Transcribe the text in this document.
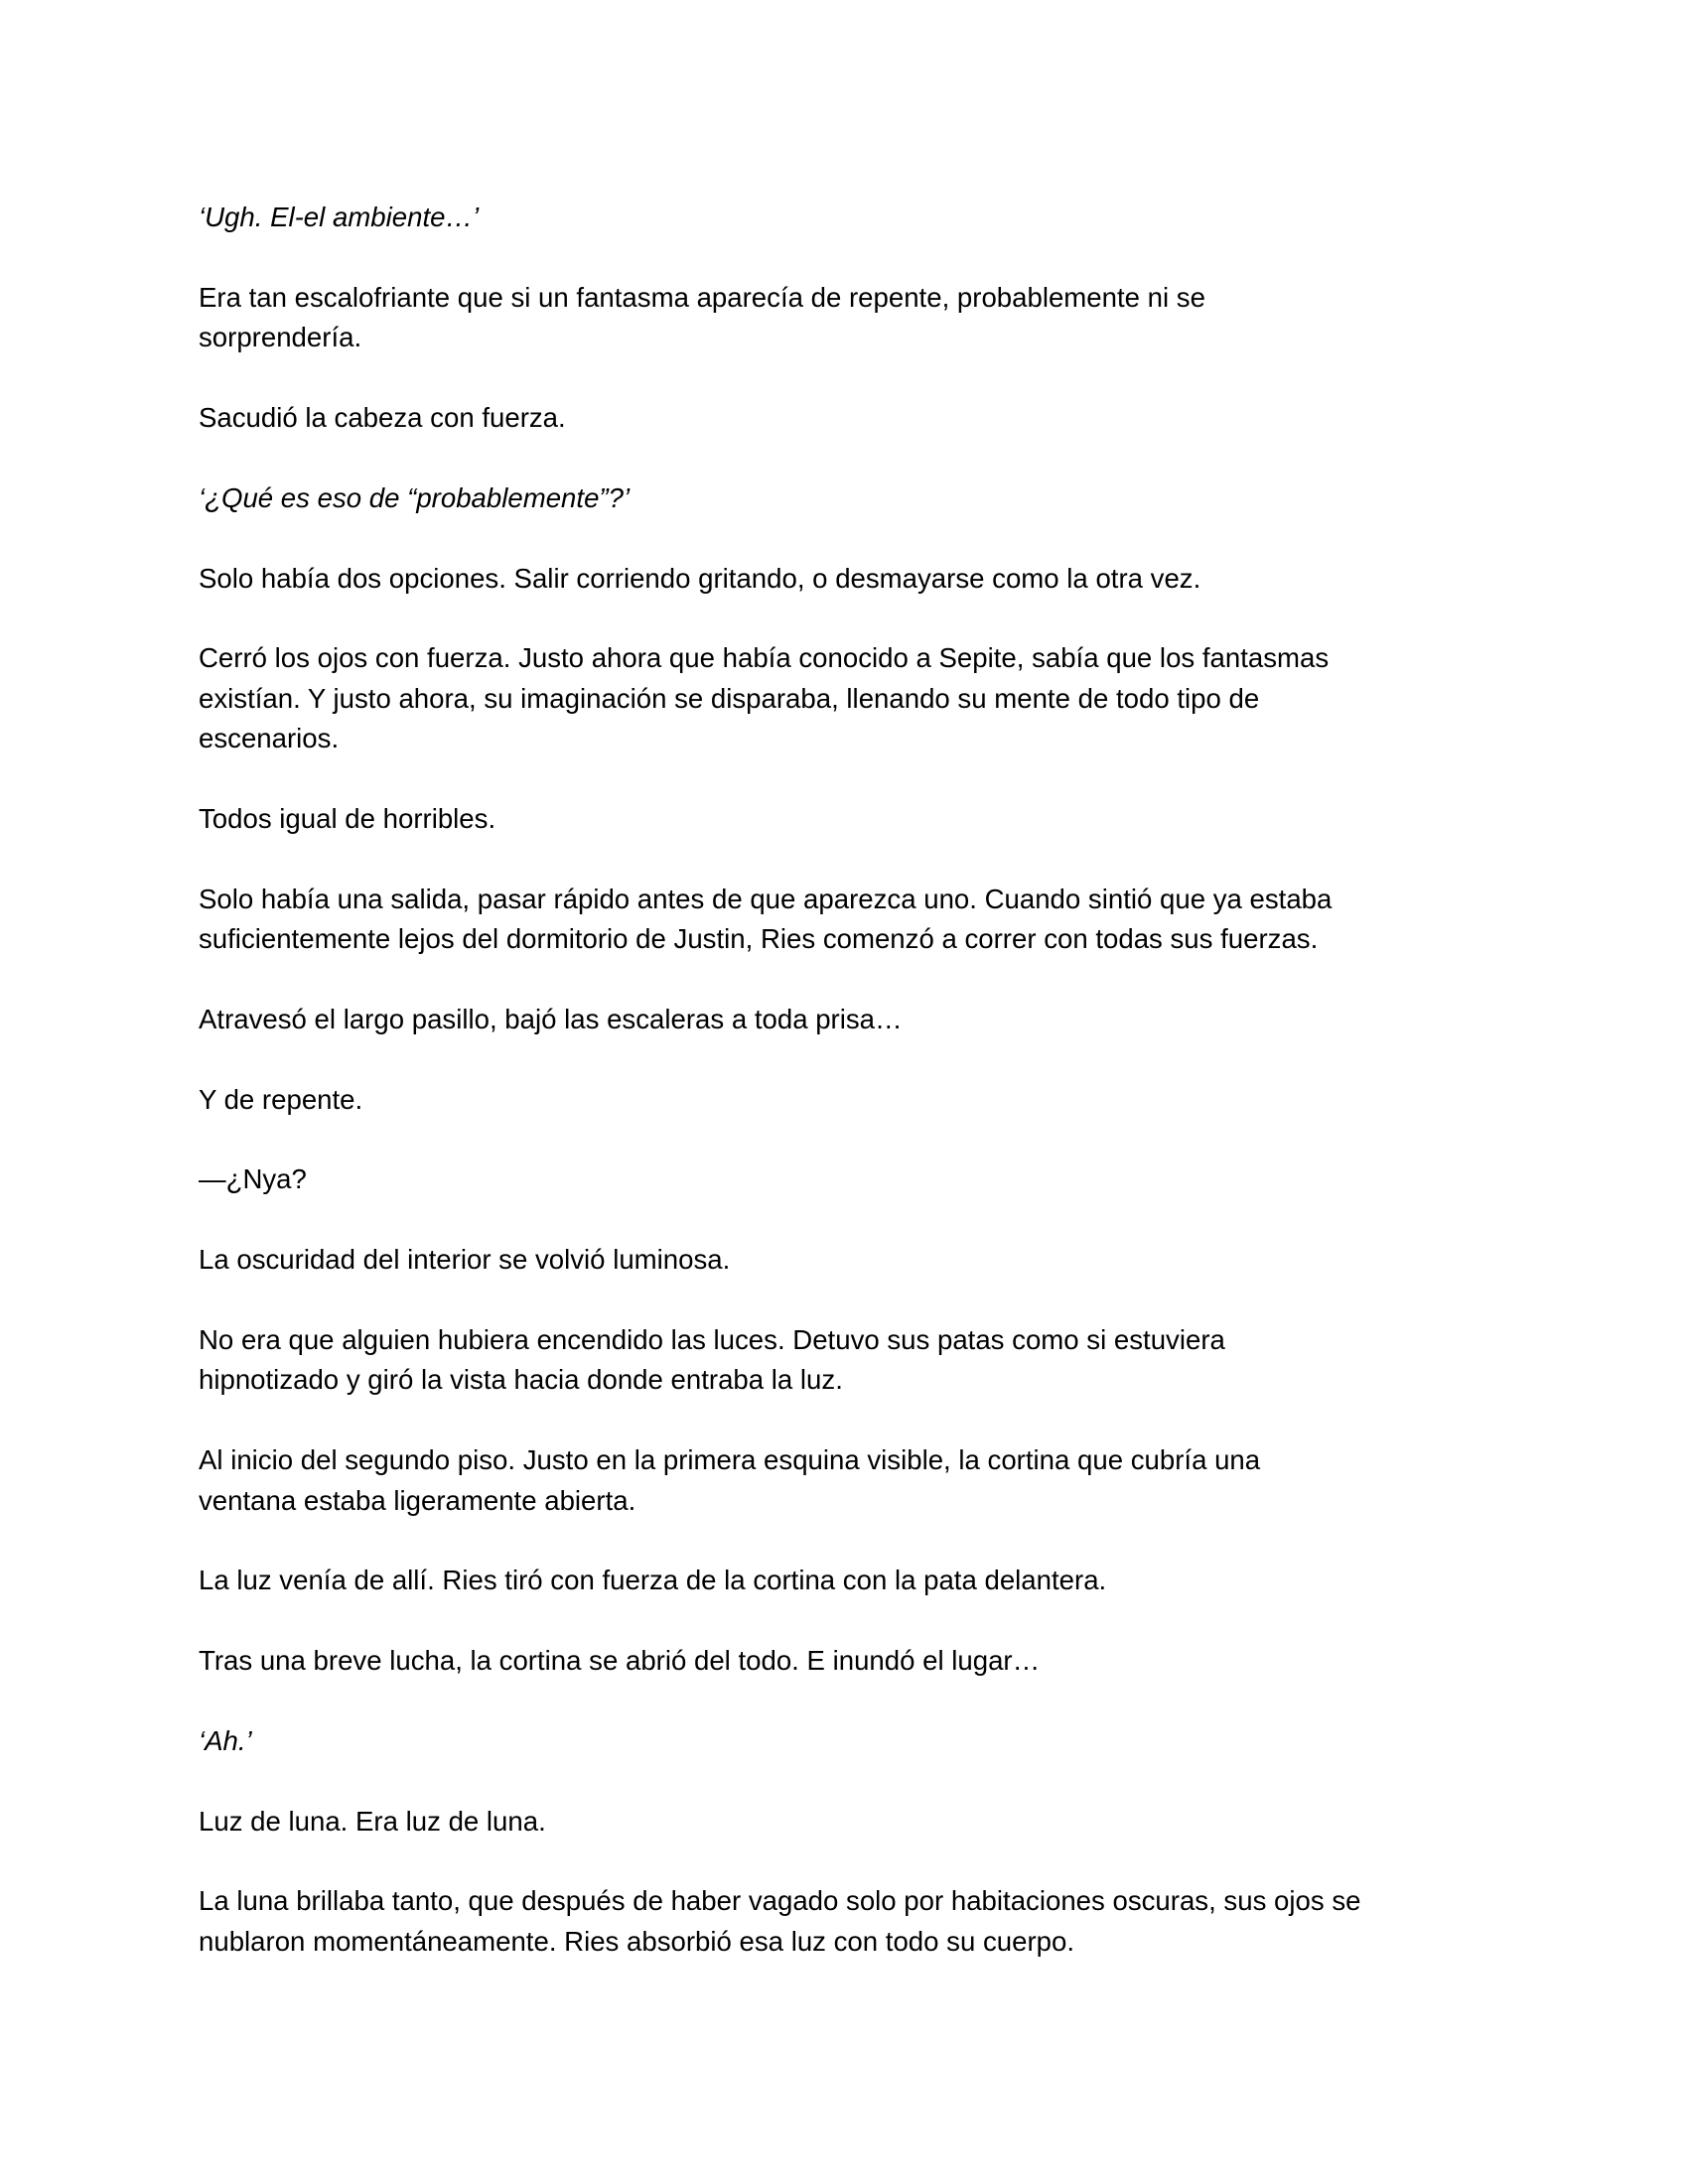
‘Ugh. El-el ambiente…’

Era tan escalofriante que si un fantasma aparecía de repente, probablemente ni se
sorprendería.

Sacudió la cabeza con fuerza.

‘¿Qué es eso de “probablemente”?’

Solo había dos opciones. Salir corriendo gritando, o desmayarse como la otra vez.

Cerró los ojos con fuerza. Justo ahora que había conocido a Sepite, sabía que los fantasmas
existían. Y justo ahora, su imaginación se disparaba, llenando su mente de todo tipo de
escenarios.

Todos igual de horribles.

Solo había una salida, pasar rápido antes de que aparezca uno. Cuando sintió que ya estaba
suficientemente lejos del dormitorio de Justin, Ries comenzó a correr con todas sus fuerzas.

Atravesó el largo pasillo, bajó las escaleras a toda prisa…

Y de repente.

—¿Nya?

La oscuridad del interior se volvió luminosa.

No era que alguien hubiera encendido las luces. Detuvo sus patas como si estuviera
hipnotizado y giró la vista hacia donde entraba la luz.

Al inicio del segundo piso. Justo en la primera esquina visible, la cortina que cubría una
ventana estaba ligeramente abierta.

La luz venía de allí. Ries tiró con fuerza de la cortina con la pata delantera.

Tras una breve lucha, la cortina se abrió del todo. E inundó el lugar…

‘Ah.’

Luz de luna. Era luz de luna.

La luna brillaba tanto, que después de haber vagado solo por habitaciones oscuras, sus ojos se
nublaron momentáneamente. Ries absorbió esa luz con todo su cuerpo.
